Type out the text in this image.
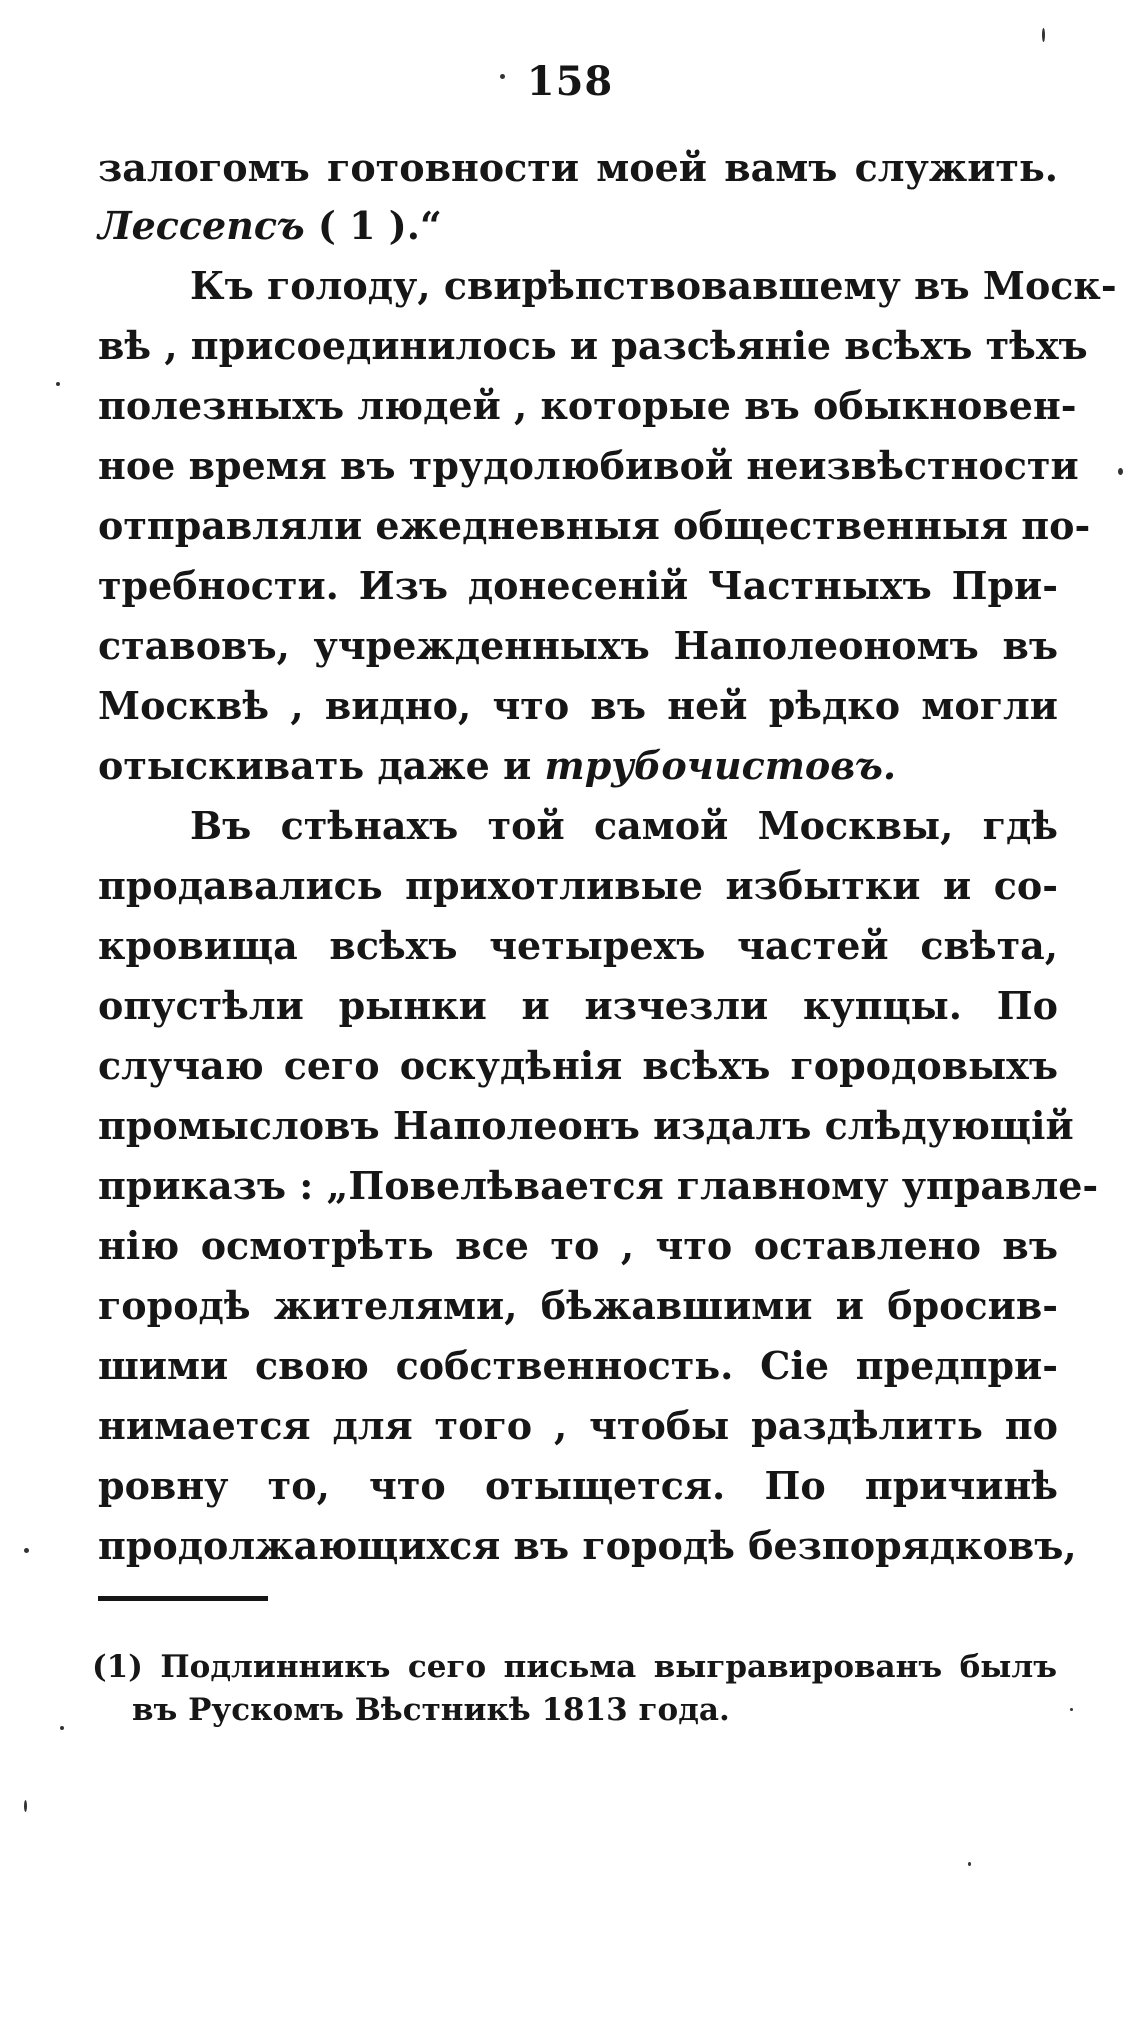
158
залогомъ готовности моей вамъ служить.
Лессепсъ ( 1 ).“
Къ голоду, свирѣпствовавшему въ Моск-
вѣ , присоединилось и разсѣяніе всѣхъ тѣхъ
полезныхъ людей , которые въ обыкновен-
ное время въ трудолюбивой неизвѣстности
отправляли ежедневныя общественныя по-
требности. Изъ донесеній Частныхъ При-
ставовъ, учрежденныхъ Наполеономъ въ
Москвѣ , видно, что въ ней рѣдко могли
отыскивать даже и трубочистовъ.
Въ стѣнахъ той самой Москвы, гдѣ
продавались прихотливые избытки и со-
кровища всѣхъ четырехъ частей свѣта,
опустѣли рынки и изчезли купцы. По
случаю сего оскудѣнія всѣхъ городовыхъ
промысловъ Наполеонъ издалъ слѣдующій
приказъ : „Повелѣвается главному управле-
нію осмотрѣть все то , что оставлено въ
городѣ жителями, бѣжавшими и бросив-
шими свою собственность. Сіе предпри-
нимается для того , чтобы раздѣлить по
ровну то, что отыщется. По причинѣ
продолжающихся въ городѣ безпорядковъ,
(1) Подлинникъ сего письма выгравированъ былъ
въ Рускомъ Вѣстникѣ 1813 года.
